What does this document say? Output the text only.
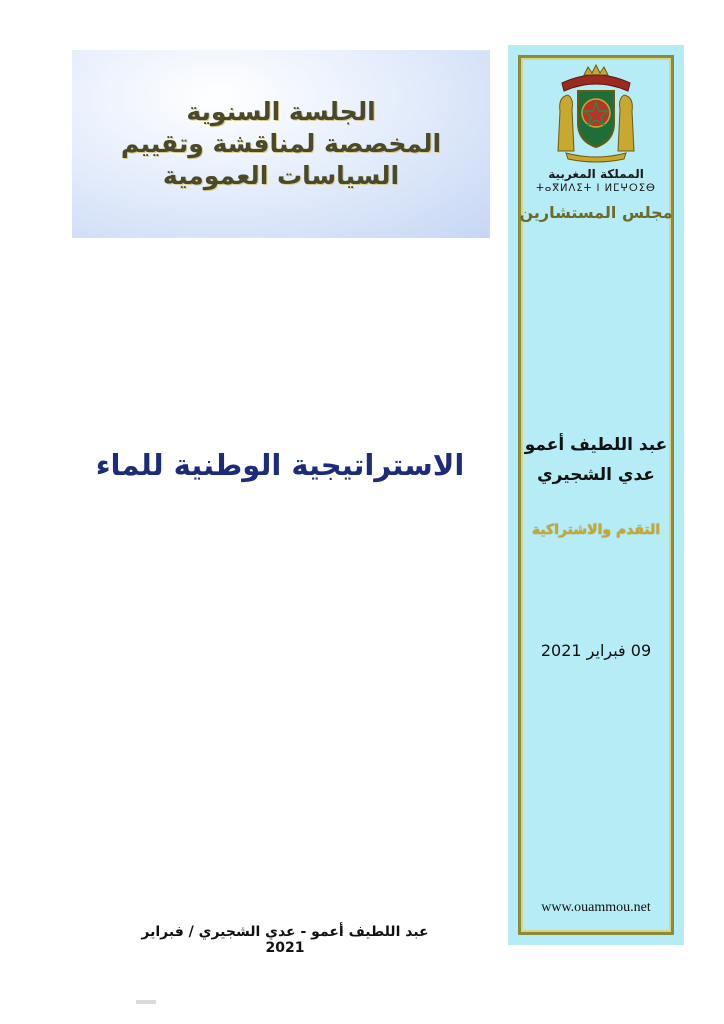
الجلسة السنوية
المخصصة لمناقشة وتقييم
السياسات العمومية
الاستراتيجية الوطنية للماء
عبد اللطيف أعمو - عدي الشجيري / فبراير 2021
المملكة المغربية
ⵜⴰⴳⵍⴷⵉⵜ ⵏ ⵍⵎⵖⵔⵉⴱ
مجلس المستشارين
عبد اللطيف أعمو
عدي الشجيري
التقدم والاشتراكية
09 فبراير 2021
www.ouammou.net
